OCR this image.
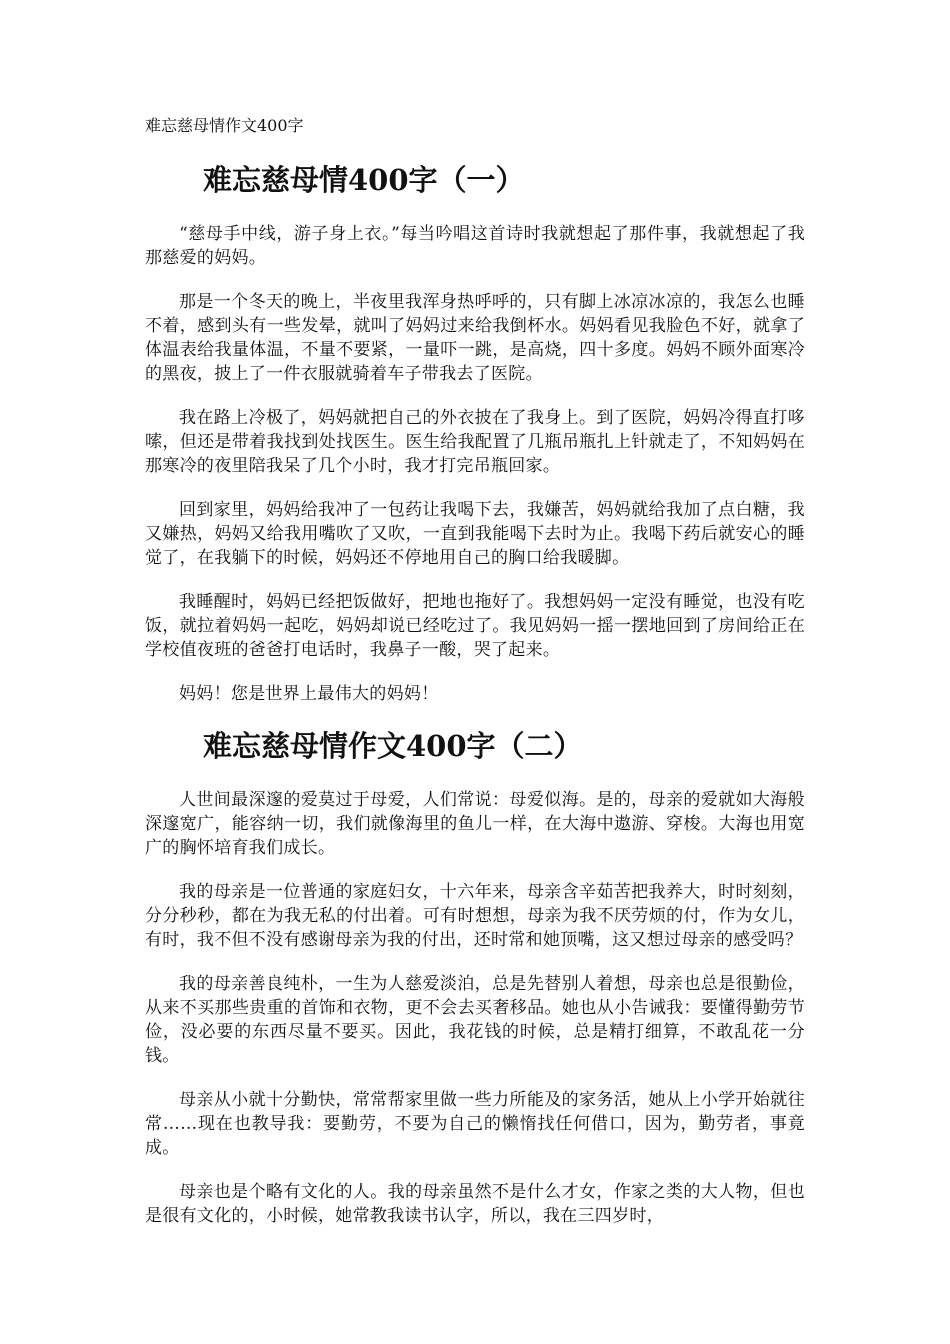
难忘慈母情作文400字
难忘慈母情400字（一）

“慈母手中线，游子身上衣。”每当吟唱这首诗时我就想起了那件事，我就想起了我那慈爱的妈妈。

那是一个冬天的晚上，半夜里我浑身热呼呼的，只有脚上冰凉冰凉的，我怎么也睡不着，感到头有一些发晕，就叫了妈妈过来给我倒杯水。妈妈看见我脸色不好，就拿了体温表给我量体温，不量不要紧，一量吓一跳，是高烧，四十多度。妈妈不顾外面寒冷的黑夜，披上了一件衣服就骑着车子带我去了医院。

我在路上冷极了，妈妈就把自己的外衣披在了我身上。到了医院，妈妈冷得直打哆嗦，但还是带着我找到处找医生。医生给我配置了几瓶吊瓶扎上针就走了，不知妈妈在那寒冷的夜里陪我呆了几个小时，我才打完吊瓶回家。

回到家里，妈妈给我冲了一包药让我喝下去，我嫌苦，妈妈就给我加了点白糖，我又嫌热，妈妈又给我用嘴吹了又吹，一直到我能喝下去时为止。我喝下药后就安心的睡觉了，在我躺下的时候，妈妈还不停地用自己的胸口给我暖脚。

我睡醒时，妈妈已经把饭做好，把地也拖好了。我想妈妈一定没有睡觉，也没有吃饭，就拉着妈妈一起吃，妈妈却说已经吃过了。我见妈妈一摇一摆地回到了房间给正在学校值夜班的爸爸打电话时，我鼻子一酸，哭了起来。

妈妈！您是世界上最伟大的妈妈！

难忘慈母情作文400字（二）

人世间最深邃的爱莫过于母爱，人们常说：母爱似海。是的，母亲的爱就如大海般深邃宽广，能容纳一切，我们就像海里的鱼儿一样，在大海中遨游、穿梭。大海也用宽广的胸怀培育我们成长。

我的母亲是一位普通的家庭妇女，十六年来，母亲含辛茹苦把我养大，时时刻刻，分分秒秒，都在为我无私的付出着。可有时想想，母亲为我不厌劳烦的付，作为女儿，有时，我不但不没有感谢母亲为我的付出，还时常和她顶嘴，这又想过母亲的感受吗？

我的母亲善良纯朴，一生为人慈爱淡泊，总是先替别人着想，母亲也总是很勤俭，从来不买那些贵重的首饰和衣物，更不会去买奢移品。她也从小告诫我：要懂得勤劳节俭，没必要的东西尽量不要买。因此，我花钱的时候，总是精打细算，不敢乱花一分钱。

母亲从小就十分勤快，常常帮家里做一些力所能及的家务活，她从上小学开始就往常……现在也教导我：要勤劳，不要为自己的懒惰找任何借口，因为，勤劳者，事竟成。

母亲也是个略有文化的人。我的母亲虽然不是什么才女，作家之类的大人物，但也是很有文化的，小时候，她常教我读书认字，所以，我在三四岁时，
